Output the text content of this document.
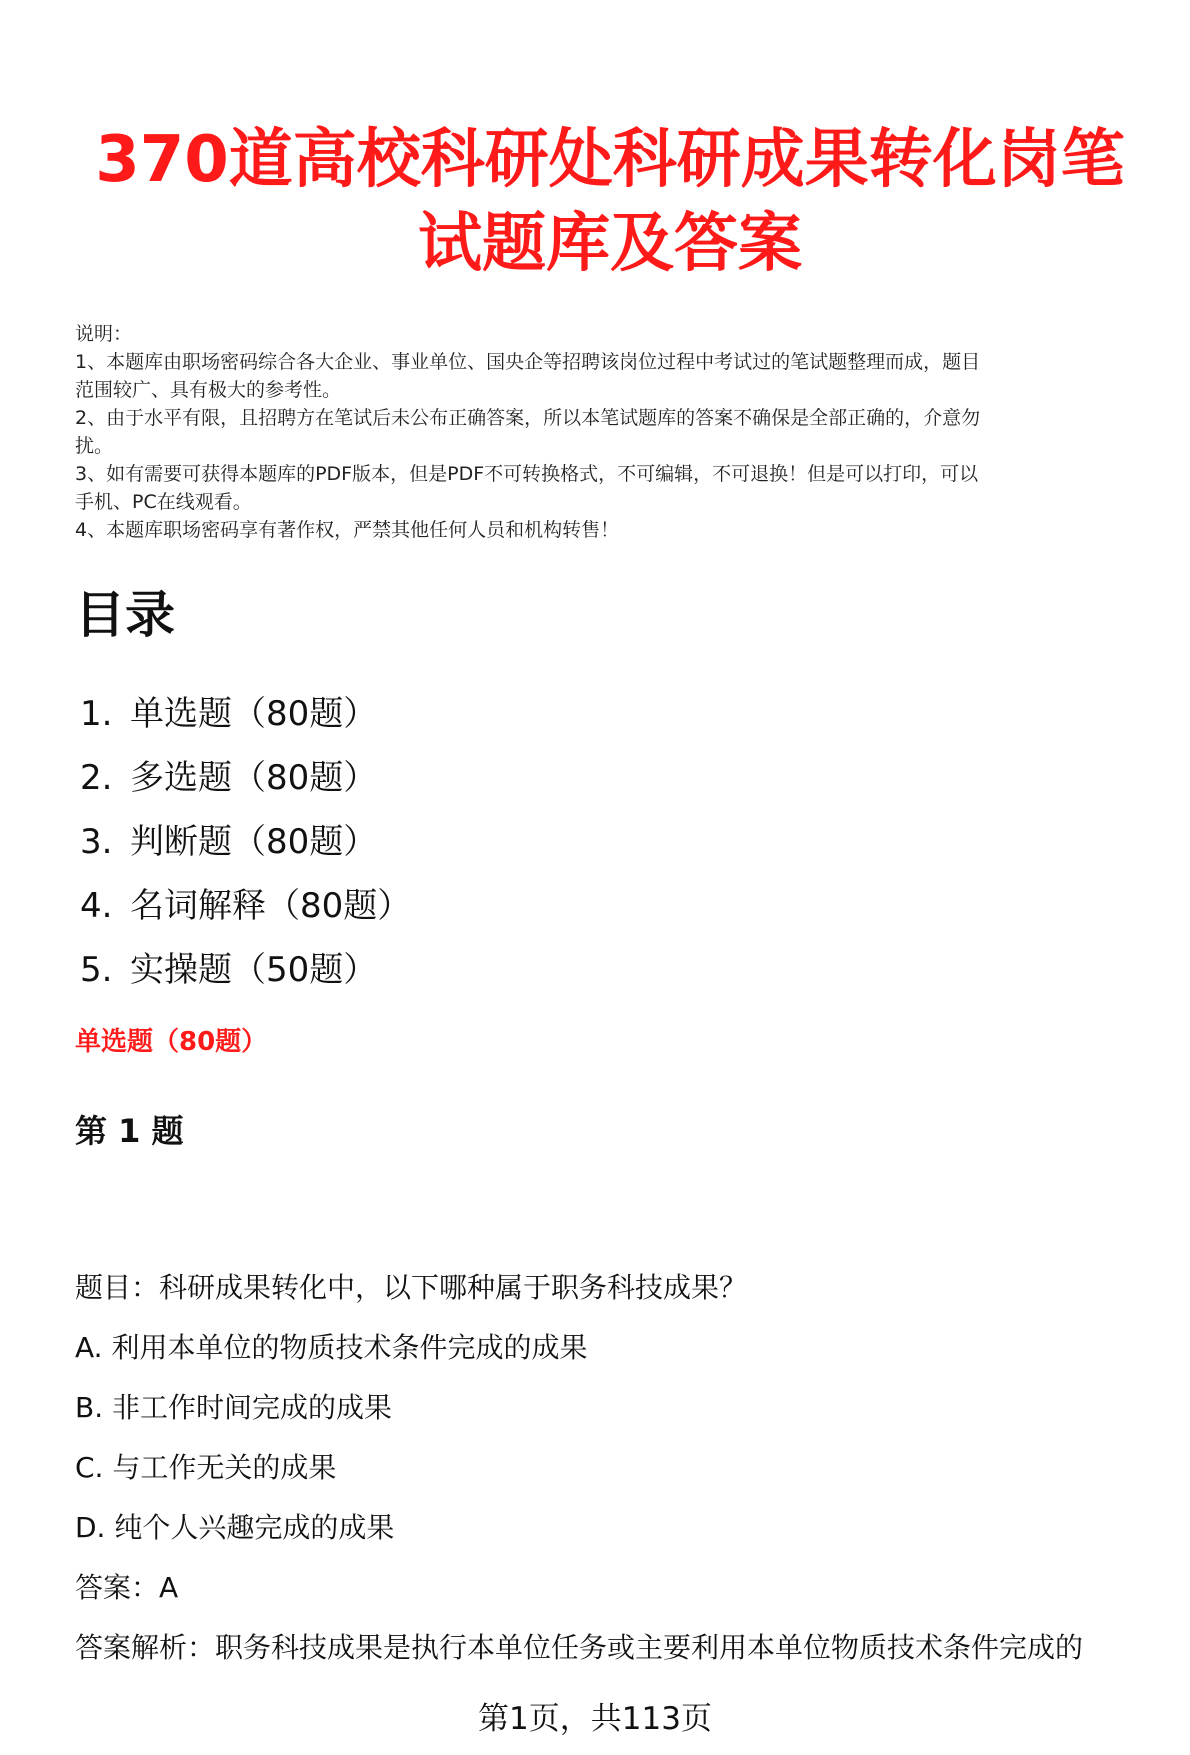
370道高校科研处科研成果转化岗笔
试题库及答案
说明：
1、本题库由职场密码综合各大企业、事业单位、国央企等招聘该岗位过程中考试过的笔试题整理而成，题目
范围较广、具有极大的参考性。
2、由于水平有限，且招聘方在笔试后未公布正确答案，所以本笔试题库的答案不确保是全部正确的，介意勿
扰。
3、如有需要可获得本题库的PDF版本，但是PDF不可转换格式，不可编辑，不可退换！但是可以打印，可以
手机、PC在线观看。
4、本题库职场密码享有著作权，严禁其他任何人员和机构转售！
目录
1. 单选题（80题）
2. 多选题（80题）
3. 判断题（80题）
4. 名词解释（80题）
5. 实操题（50题）
单选题（80题）
第 1 题
题目：科研成果转化中，以下哪种属于职务科技成果？
A. 利用本单位的物质技术条件完成的成果
B. 非工作时间完成的成果
C. 与工作无关的成果
D. 纯个人兴趣完成的成果
答案：A
答案解析：职务科技成果是执行本单位任务或主要利用本单位物质技术条件完成的
第1页，共113页
